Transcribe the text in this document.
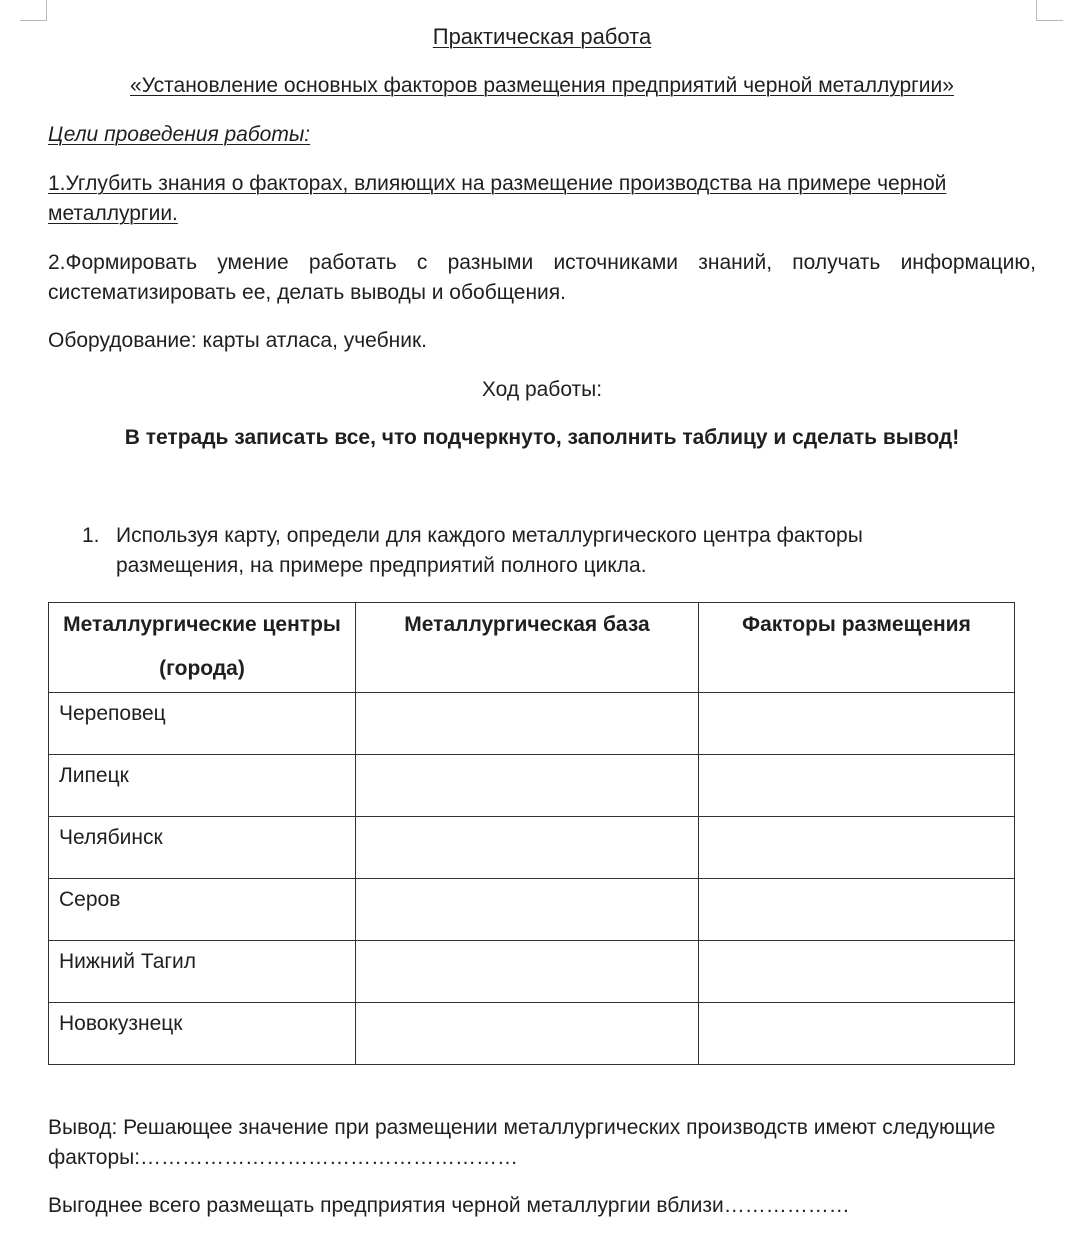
Практическая работа
«Установление основных факторов размещения предприятий черной металлургии»
Цели проведения работы:
1.Углубить знания о факторах, влияющих на размещение производства на примере черной металлургии.
2.Формировать умение работать с разными источниками знаний, получать информацию, систематизировать ее, делать выводы и обобщения.
Оборудование: карты атласа, учебник.
Ход работы:
В тетрадь записать все, что подчеркнуто, заполнить таблицу и сделать вывод!
1. Используя карту, определи для каждого металлургического центра факторы размещения, на примере предприятий полного цикла.
Металлургические центры (города)	Металлургическая база	Факторы размещения
Череповец		
Липецк		
Челябинск		
Серов		
Нижний Тагил		
Новокузнецк		
Вывод: Решающее значение при размещении металлургических производств имеют следующие факторы:………………………………………………
Выгоднее всего размещать предприятия черной металлургии вблизи………………
